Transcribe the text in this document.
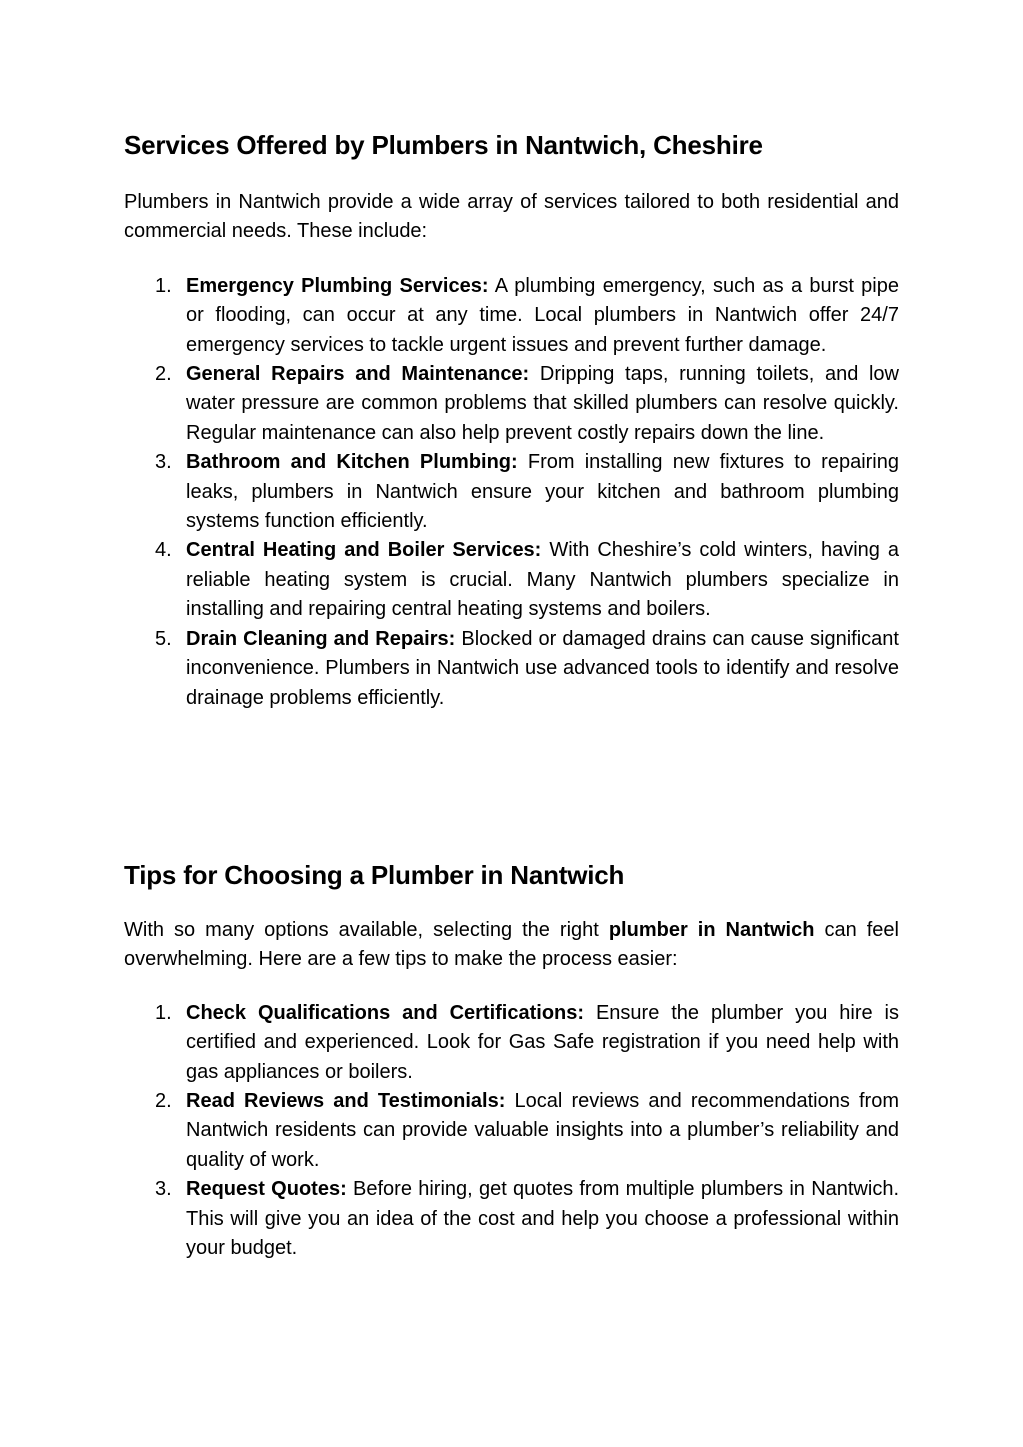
Services Offered by Plumbers in Nantwich, Cheshire

Plumbers in Nantwich provide a wide array of services tailored to both residential and commercial needs. These include:

1. Emergency Plumbing Services: A plumbing emergency, such as a burst pipe or flooding, can occur at any time. Local plumbers in Nantwich offer 24/7 emergency services to tackle urgent issues and prevent further damage.
2. General Repairs and Maintenance: Dripping taps, running toilets, and low water pressure are common problems that skilled plumbers can resolve quickly. Regular maintenance can also help prevent costly repairs down the line.
3. Bathroom and Kitchen Plumbing: From installing new fixtures to repairing leaks, plumbers in Nantwich ensure your kitchen and bathroom plumbing systems function efficiently.
4. Central Heating and Boiler Services: With Cheshire’s cold winters, having a reliable heating system is crucial. Many Nantwich plumbers specialize in installing and repairing central heating systems and boilers.
5. Drain Cleaning and Repairs: Blocked or damaged drains can cause significant inconvenience. Plumbers in Nantwich use advanced tools to identify and resolve drainage problems efficiently.
Tips for Choosing a Plumber in Nantwich

With so many options available, selecting the right plumber in Nantwich can feel overwhelming. Here are a few tips to make the process easier:

1. Check Qualifications and Certifications: Ensure the plumber you hire is certified and experienced. Look for Gas Safe registration if you need help with gas appliances or boilers.
2. Read Reviews and Testimonials: Local reviews and recommendations from Nantwich residents can provide valuable insights into a plumber’s reliability and quality of work.
3. Request Quotes: Before hiring, get quotes from multiple plumbers in Nantwich. This will give you an idea of the cost and help you choose a professional within your budget.
